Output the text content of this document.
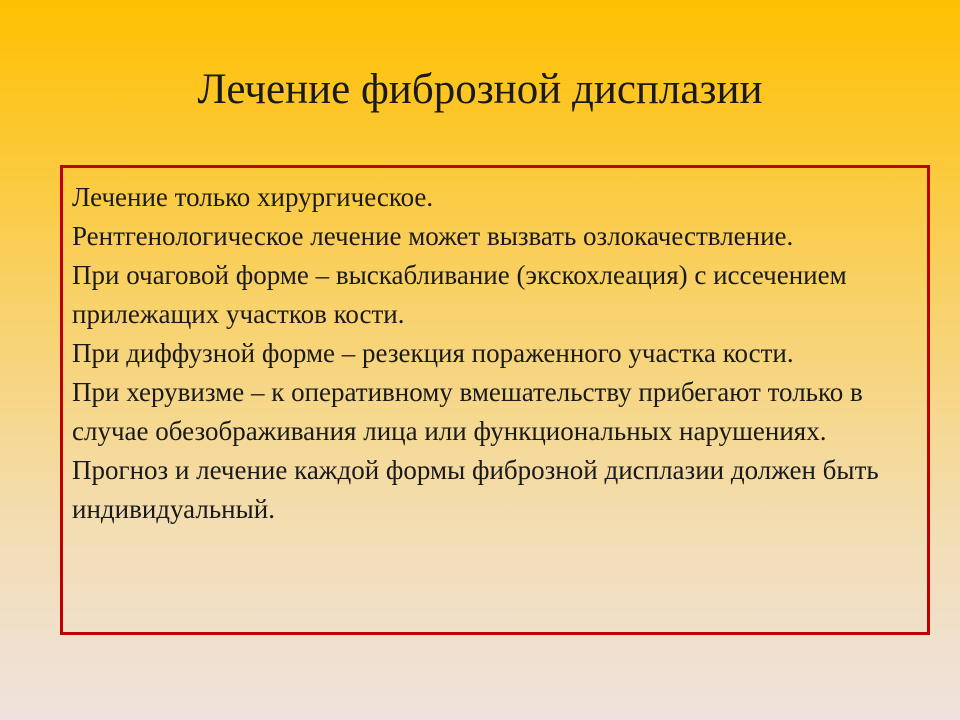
Лечение фиброзной дисплазии

Лечение только хирургическое.

Рентгенологическое лечение может вызвать озлокачествление.

При очаговой форме – выскабливание (экскохлеация) с иссечением прилежащих участков кости.

При диффузной форме – резекция пораженного участка кости.

При херувизме – к оперативному вмешательству прибегают только в случае обезображивания лица или функциональных нарушениях.

Прогноз и лечение каждой формы фиброзной дисплазии должен быть индивидуальный.
